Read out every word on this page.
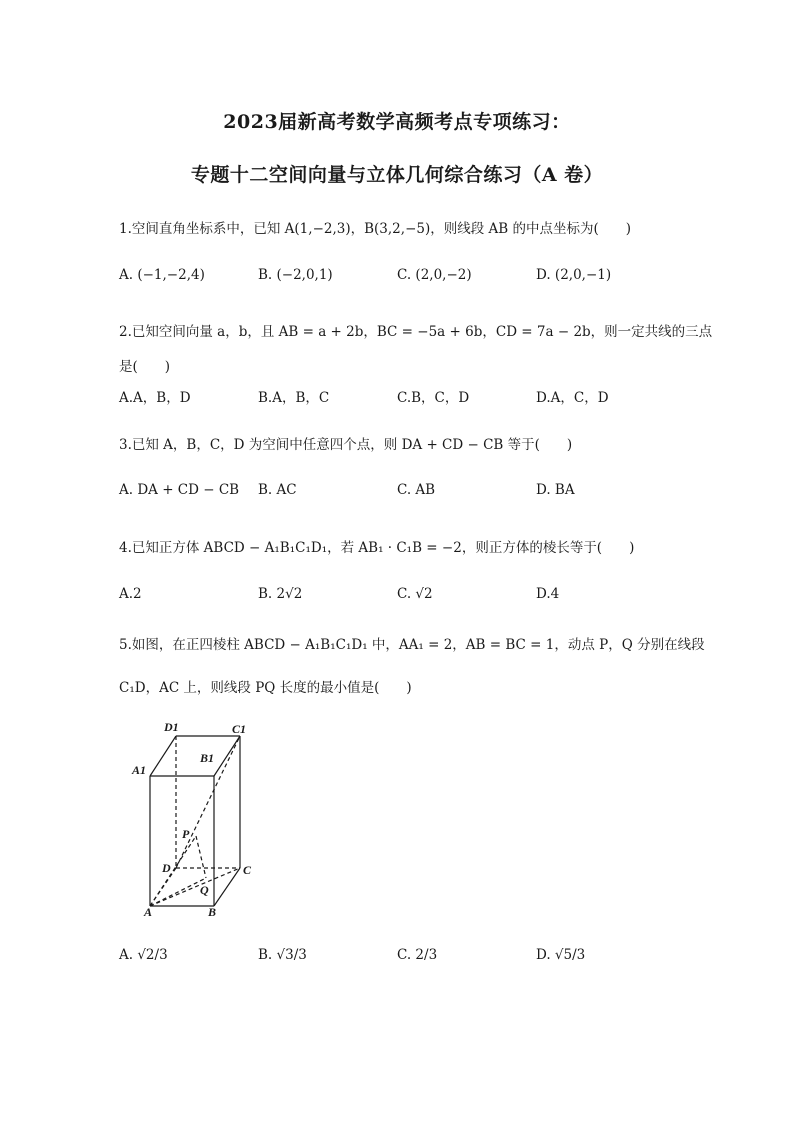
2023届新高考数学高频考点专项练习：
专题十二空间向量与立体几何综合练习（A 卷）
1.空间直角坐标系中，已知 A(1,−2,3)，B(3,2,−5)，则线段 AB 的中点坐标为(　　)
A. (−1,−2,4)	B. (−2,0,1)	C. (2,0,−2)	D. (2,0,−1)
2.已知空间向量 a，b，且 AB = a + 2b，BC = −5a + 6b，CD = 7a − 2b，则一定共线的三点
是(　　)
A.A，B，D	B.A，B，C	C.B，C，D	D.A，C，D
3.已知 A，B，C，D 为空间中任意四个点，则 DA + CD − CB 等于(　　)
A. DA + CD − CB B. AC	C. AB	D. BA
4.已知正方体 ABCD − A₁B₁C₁D₁，若 AB₁ · C₁B = −2，则正方体的棱长等于(　　)
A.2	B. 2√2	C. √2	D.4
5.如图，在正四棱柱 ABCD − A₁B₁C₁D₁ 中，AA₁ = 2，AB = BC = 1，动点 P，Q 分别在线段
C₁D，AC 上，则线段 PQ 长度的最小值是(　　)
D1	C1
B1
A1
P
D	C
Q
A	B
A. √2/3	B. √3/3	C. 2/3	D. √5/3
